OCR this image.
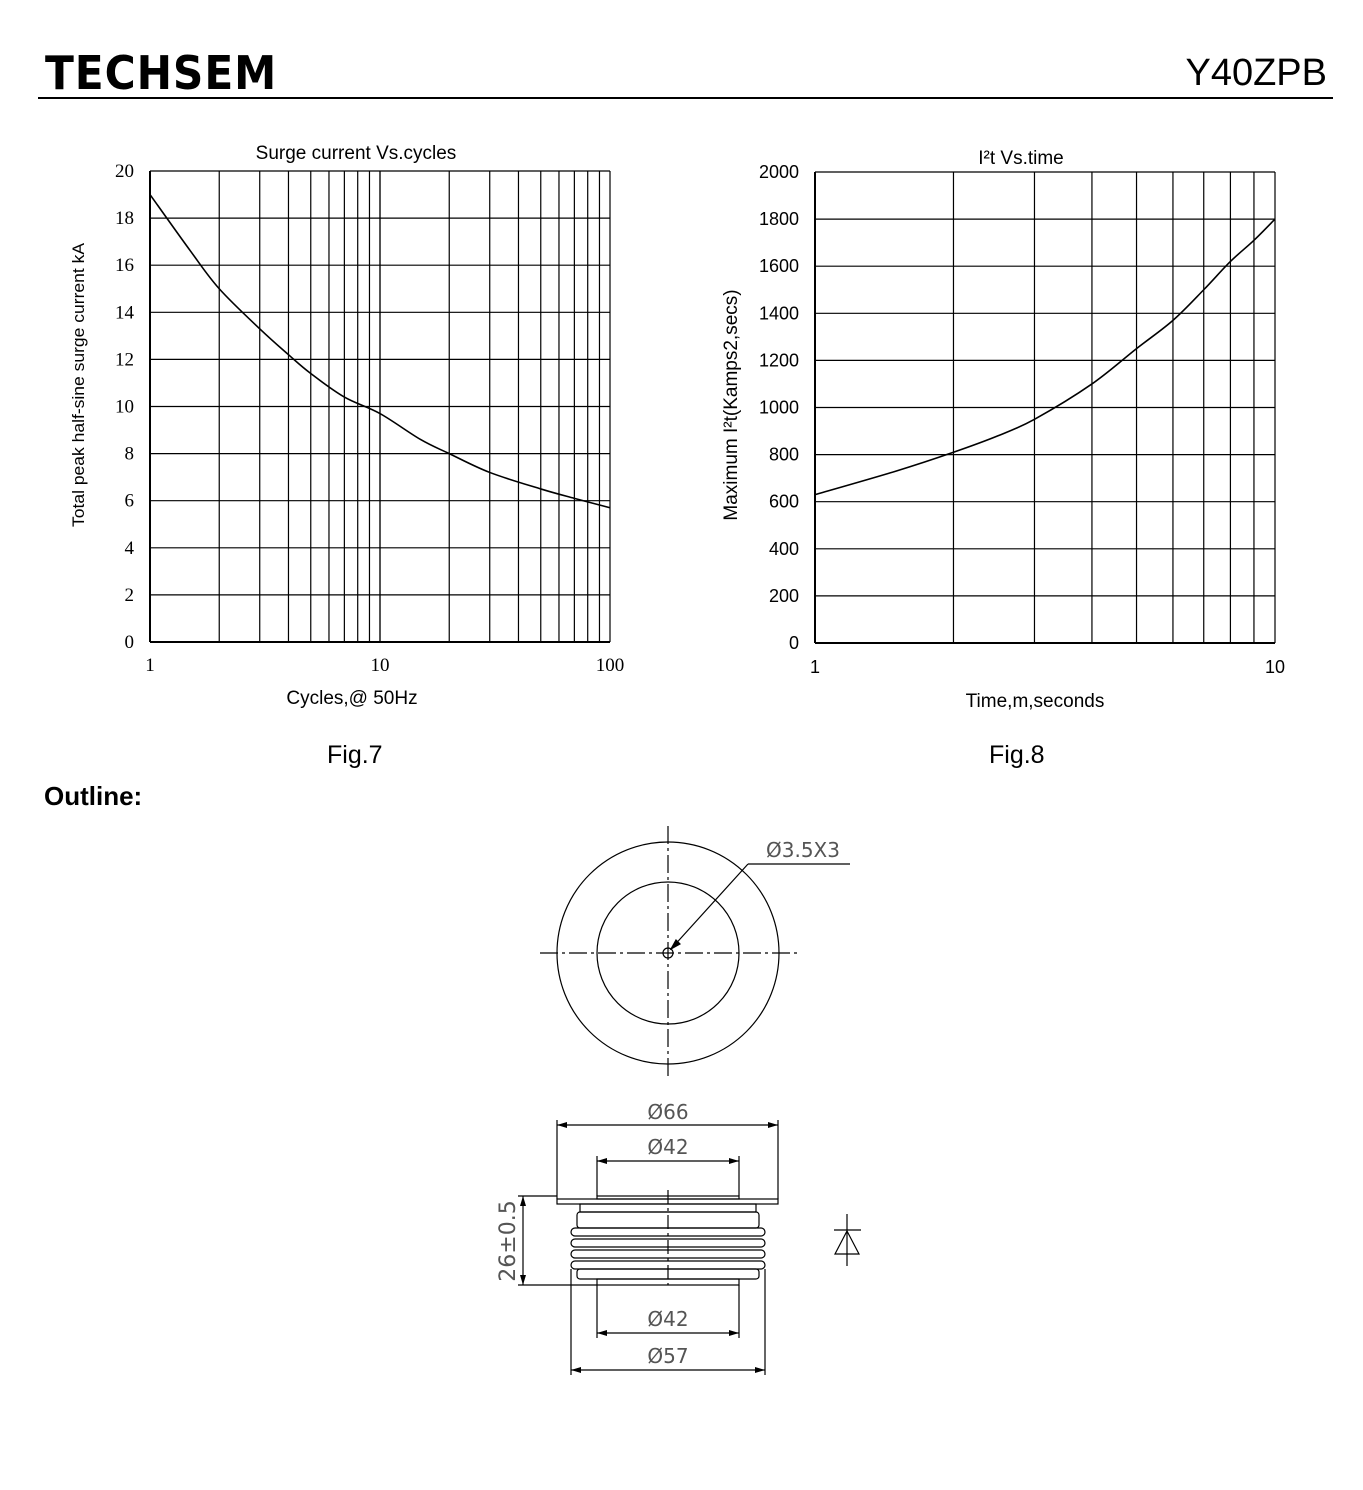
TECHSEM	Y40ZPB
0
2
4
6
8
10
12
14
16
18
20
1	10	100
Surge current Vs.cycles
Cycles,@ 50Hz
Total peak half-sine surge current kA
0
200
400
600
800
1000
1200
1400
1600
1800
2000
1	10
I²t Vs.time
Time,m,seconds
Maximum I²t(Kamps2,secs)
Fig.7	Fig.8
Outline:
Ø3.5X3
Ø66
Ø42
Ø42
Ø57
26±0.5
